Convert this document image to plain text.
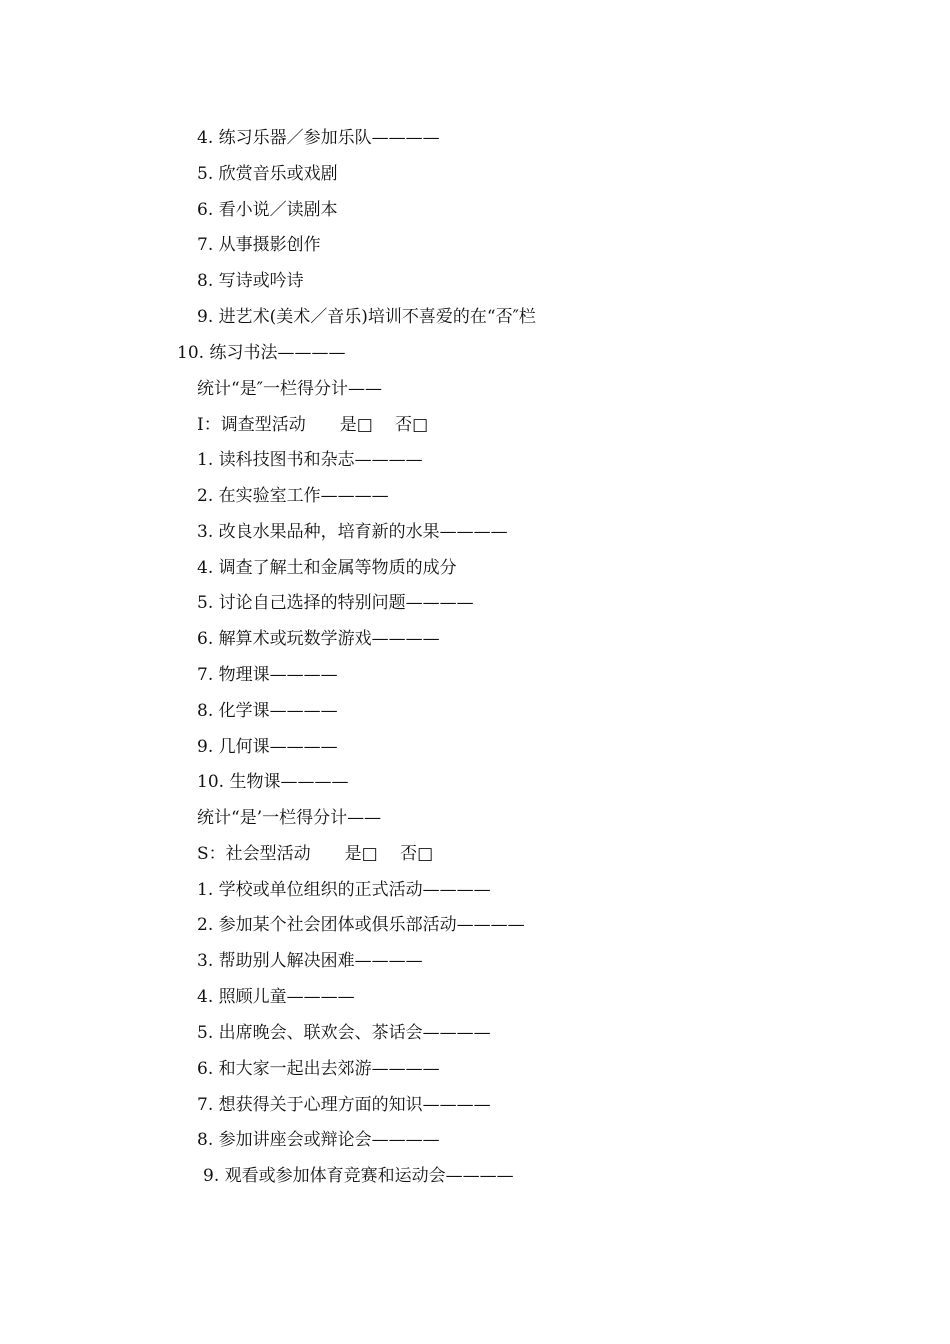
4. 练习乐器／参加乐队————
5. 欣赏音乐或戏剧
6. 看小说／读剧本
7. 从事摄影创作
8. 写诗或吟诗
9. 进艺术(美术／音乐)培训不喜爱的在“否″栏
10. 练习书法————
统计“是″一栏得分计——
I：调查型活动　　是□　 否□
1. 读科技图书和杂志————
2. 在实验室工作————
3. 改良水果品种，培育新的水果————
4. 调查了解土和金属等物质的成分
5. 讨论自己选择的特别问题————
6. 解算术或玩数学游戏————
7. 物理课————
8. 化学课————
9. 几何课————
10. 生物课————
统计“是’一栏得分计——
S：社会型活动　　是□　 否□
1. 学校或单位组织的正式活动————
2. 参加某个社会团体或俱乐部活动————
3. 帮助别人解决困难————
4. 照顾儿童————
5. 出席晚会、联欢会、茶话会————
6. 和大家一起出去郊游————
7. 想获得关于心理方面的知识————
8. 参加讲座会或辩论会————
9. 观看或参加体育竞赛和运动会————
